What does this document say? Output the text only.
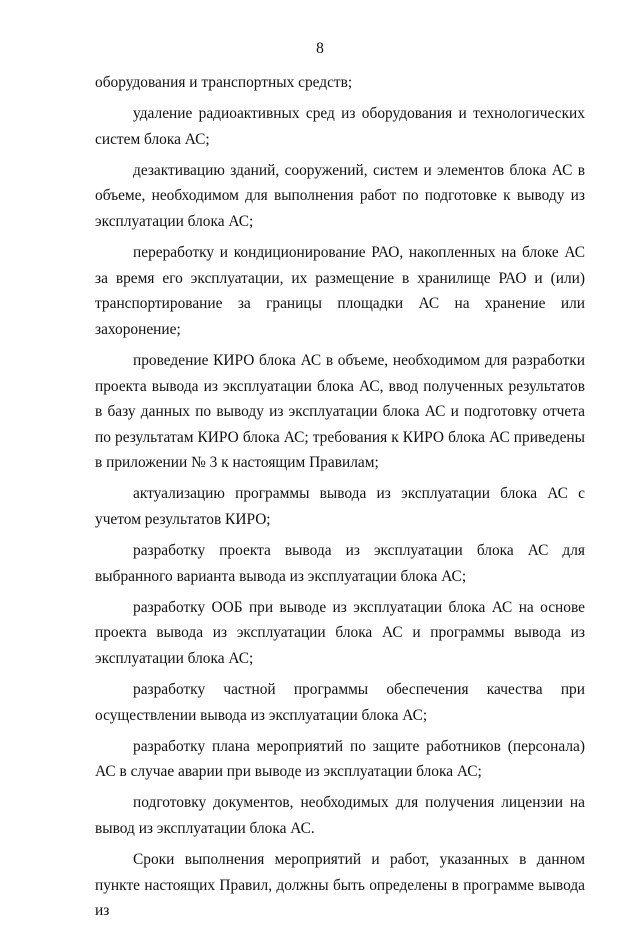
8

оборудования и транспортных средств;

удаление радиоактивных сред из оборудования и технологических систем блока АС;

дезактивацию зданий, сооружений, систем и элементов блока АС в объеме, необходимом для выполнения работ по подготовке к выводу из эксплуатации блока АС;

переработку и кондиционирование РАО, накопленных на блоке АС за время его эксплуатации, их размещение в хранилище РАО и (или) транспортирование за границы площадки АС на хранение или захоронение;

проведение КИРО блока АС в объеме, необходимом для разработки проекта вывода из эксплуатации блока АС, ввод полученных результатов в базу данных по выводу из эксплуатации блока АС и подготовку отчета по результатам КИРО блока АС; требования к КИРО блока АС приведены в приложении № 3 к настоящим Правилам;

актуализацию программы вывода из эксплуатации блока АС с учетом результатов КИРО;

разработку проекта вывода из эксплуатации блока АС для выбранного варианта вывода из эксплуатации блока АС;

разработку ООБ при выводе из эксплуатации блока АС на основе проекта вывода из эксплуатации блока АС и программы вывода из эксплуатации блока АС;

разработку частной программы обеспечения качества при осуществлении вывода из эксплуатации блока АС;

разработку плана мероприятий по защите работников (персонала) АС в случае аварии при выводе из эксплуатации блока АС;

подготовку документов, необходимых для получения лицензии на вывод из эксплуатации блока АС.

Сроки выполнения мероприятий и работ, указанных в данном пункте настоящих Правил, должны быть определены в программе вывода из
